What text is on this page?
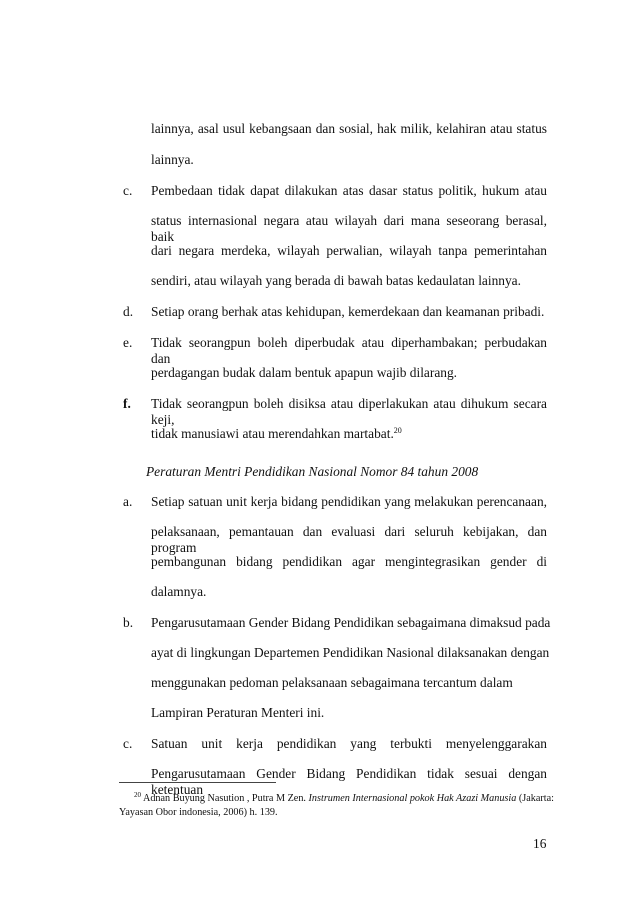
lainnya, asal usul kebangsaan dan sosial, hak milik, kelahiran atau status
lainnya.
c. Pembedaan tidak dapat dilakukan atas dasar status politik, hukum atau
status internasional negara atau wilayah dari mana seseorang berasal, baik
dari negara merdeka, wilayah perwalian, wilayah tanpa pemerintahan
sendiri, atau wilayah yang berada di bawah batas kedaulatan lainnya.
d. Setiap orang berhak atas kehidupan, kemerdekaan dan keamanan pribadi.
e. Tidak seorangpun boleh diperbudak atau diperhambakan; perbudakan dan
perdagangan budak dalam bentuk apapun wajib dilarang.
f. Tidak seorangpun boleh disiksa atau diperlakukan atau dihukum secara keji,
tidak manusiawi atau merendahkan martabat.$^{20}$
Peraturan Mentri Pendidikan Nasional Nomor 84 tahun 2008
a. Setiap satuan unit kerja bidang pendidikan yang melakukan perencanaan,
pelaksanaan, pemantauan dan evaluasi dari seluruh kebijakan, dan program
pembangunan bidang pendidikan agar mengintegrasikan gender di
dalamnya.
b. Pengarusutamaan Gender Bidang Pendidikan sebagaimana dimaksud pada
ayat di lingkungan Departemen Pendidikan Nasional dilaksanakan dengan
menggunakan pedoman pelaksanaan sebagaimana tercantum dalam
Lampiran Peraturan Menteri ini.
c. Satuan unit kerja pendidikan yang terbukti menyelenggarakan
Pengarusutamaan Gender Bidang Pendidikan tidak sesuai dengan ketentuan
$^{20}$ Adnan Buyung Nasution , Putra M Zen. Instrumen Internasional pokok Hak Azazi Manusia (Jakarta:
Yayasan Obor indonesia, 2006) h. 139.
16
